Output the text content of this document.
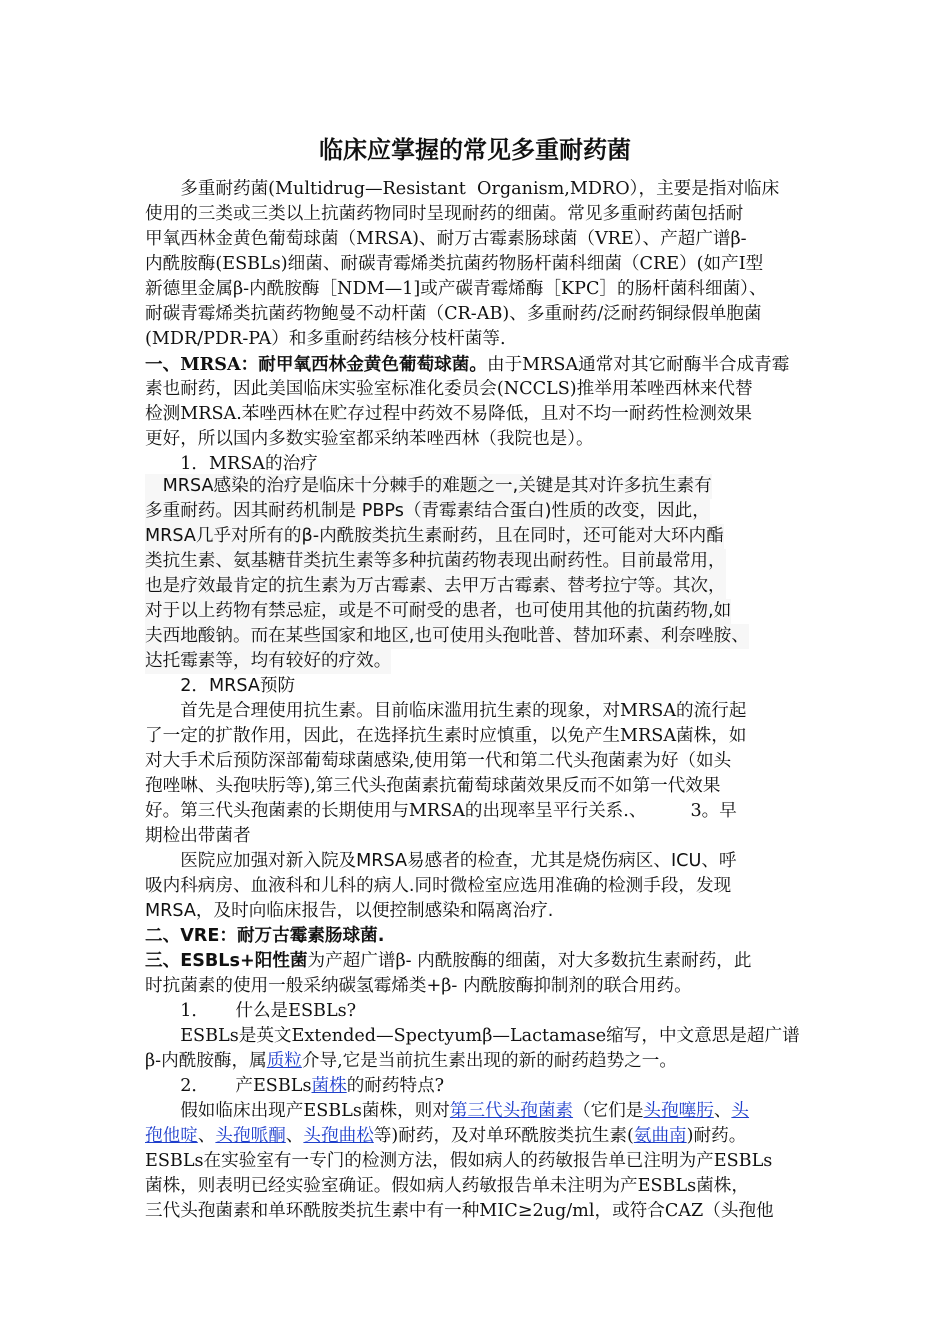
临床应掌握的常见多重耐药菌
　　多重耐药菌(Multidrug—Resistant  Organism,MDRO），主要是指对临床
使用的三类或三类以上抗菌药物同时呈现耐药的细菌。常见多重耐药菌包括耐
甲氧西林金黄色葡萄球菌（MRSA)、耐万古霉素肠球菌（VRE）、产超广谱β-
内酰胺酶(ESBLs)细菌、耐碳青霉烯类抗菌药物肠杆菌科细菌（CRE）(如产Ⅰ型
新德里金属β-内酰胺酶［NDM—1]或产碳青霉烯酶［KPC］的肠杆菌科细菌）、
耐碳青霉烯类抗菌药物鲍曼不动杆菌（CR-AB)、多重耐药/泛耐药铜绿假单胞菌
(MDR/PDR-PA）和多重耐药结核分枝杆菌等.
一、MRSA：耐甲氧西林金黄色葡萄球菌。由于MRSA通常对其它耐酶半合成青霉
素也耐药，因此美国临床实验室标准化委员会(NCCLS)推举用苯唑西林来代替
检测MRSA.苯唑西林在贮存过程中药效不易降低，且对不均一耐药性检测效果
更好，所以国内多数实验室都采纳苯唑西林（我院也是）。
　　1．MRSA的治疗
　MRSA感染的治疗是临床十分棘手的难题之一,关键是其对许多抗生素有
多重耐药。因其耐药机制是 PBPs（青霉素结合蛋白)性质的改变，因此，
MRSA几乎对所有的β-内酰胺类抗生素耐药，且在同时，还可能对大环内酯
类抗生素、氨基糖苷类抗生素等多种抗菌药物表现出耐药性。目前最常用，
也是疗效最肯定的抗生素为万古霉素、去甲万古霉素、替考拉宁等。其次，
对于以上药物有禁忌症，或是不可耐受的患者，也可使用其他的抗菌药物,如
夫西地酸钠。而在某些国家和地区,也可使用头孢吡普、替加环素、利奈唑胺、
达托霉素等，均有较好的疗效。
　　2．MRSA预防
　　首先是合理使用抗生素。目前临床滥用抗生素的现象，对MRSA的流行起
了一定的扩散作用，因此，在选择抗生素时应慎重，以免产生MRSA菌株，如
对大手术后预防深部葡萄球菌感染,使用第一代和第二代头孢菌素为好（如头
孢唑啉、头孢呋肟等),第三代头孢菌素抗葡萄球菌效果反而不如第一代效果
好。第三代头孢菌素的长期使用与MRSA的出现率呈平行关系.、　　　3。早
期检出带菌者
　　医院应加强对新入院及MRSA易感者的检查，尤其是烧伤病区、ICU、呼
吸内科病房、血液科和儿科的病人.同时微检室应选用准确的检测手段，发现
MRSA，及时向临床报告，以便控制感染和隔离治疗.
二、VRE：耐万古霉素肠球菌.
三、ESBLs+阳性菌为产超广谱β- 内酰胺酶的细菌，对大多数抗生素耐药，此
时抗菌素的使用一般采纳碳氢霉烯类+β- 内酰胺酶抑制剂的联合用药。
　　1．　　什么是ESBLs?
　　ESBLs是英文Extended—Spectyumβ—Lactamase缩写，中文意思是超广谱
β-内酰胺酶，属质粒介导,它是当前抗生素出现的新的耐药趋势之一。
　　2．　　产ESBLs菌株的耐药特点?
　　假如临床出现产ESBLs菌株，则对第三代头孢菌素（它们是头孢噻肟、头
孢他啶、头孢哌酮、头孢曲松等)耐药，及对单环酰胺类抗生素(氨曲南)耐药。
ESBLs在实验室有一专门的检测方法，假如病人的药敏报告单已注明为产ESBLs
菌株，则表明已经实验室确证。假如病人药敏报告单未注明为产ESBLs菌株，
三代头孢菌素和单环酰胺类抗生素中有一种MIC≥2ug/ml，或符合CAZ（头孢他
